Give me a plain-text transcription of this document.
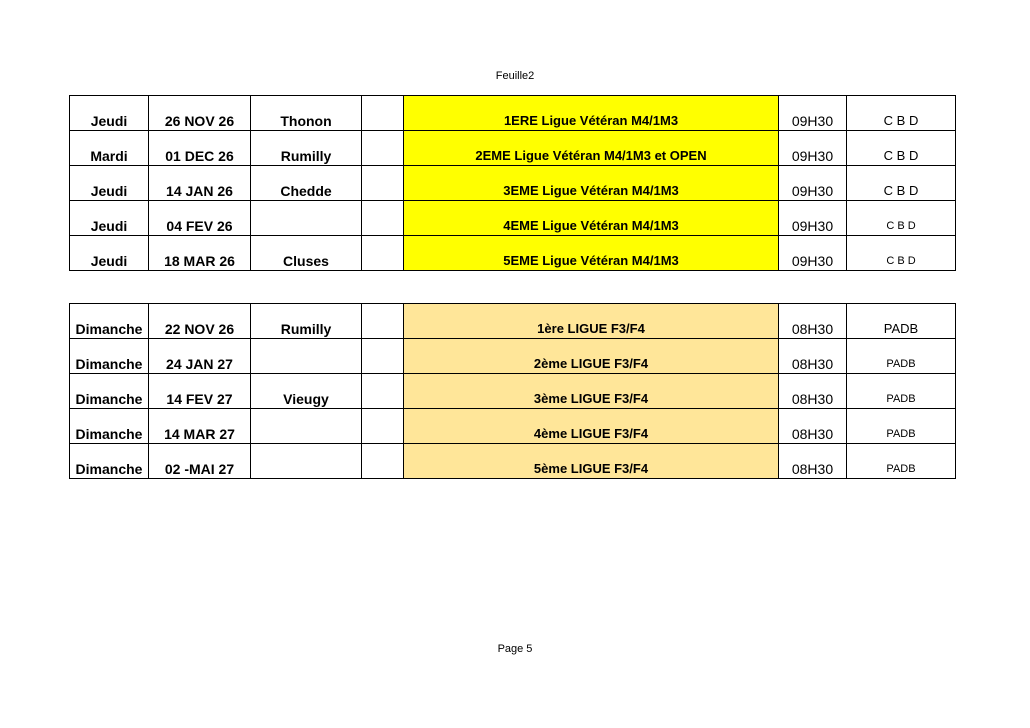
Feuille2
Jeudi	26 NOV 26	Thonon		1ERE Ligue Vétéran M4/1M3	09H30	C B D
Mardi	01 DEC 26	Rumilly		2EME Ligue Vétéran M4/1M3 et OPEN	09H30	C B D
Jeudi	14 JAN 26	Chedde		3EME Ligue Vétéran M4/1M3	09H30	C B D
Jeudi	04 FEV 26			4EME Ligue Vétéran M4/1M3	09H30	C B D
Jeudi	18 MAR 26	Cluses		5EME Ligue Vétéran M4/1M3	09H30	C B D
Dimanche	22 NOV 26	Rumilly		1ère LIGUE F3/F4	08H30	PADB
Dimanche	24 JAN 27			2ème LIGUE F3/F4	08H30	PADB
Dimanche	14 FEV 27	Vieugy		3ème LIGUE F3/F4	08H30	PADB
Dimanche	14 MAR 27			4ème LIGUE F3/F4	08H30	PADB
Dimanche	02 -MAI 27			5ème LIGUE F3/F4	08H30	PADB
Page 5
